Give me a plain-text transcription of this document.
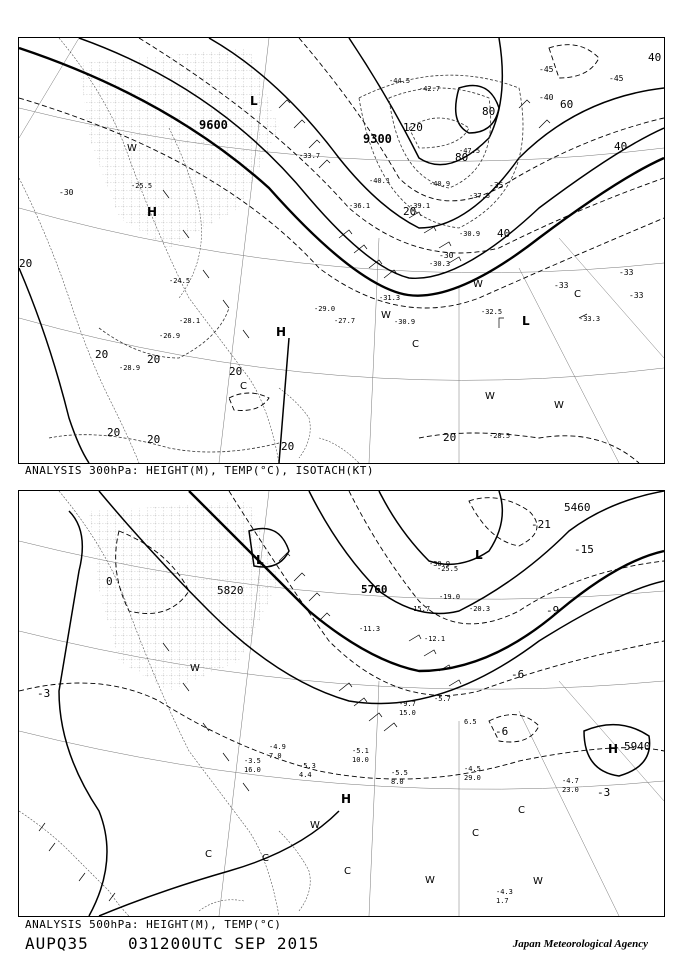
9600
9300
120
80
80
60
40
40
40
20
20
20	20
20
20
20	20
-45
-45
-40
-35
-30
-30
-33
-33
-33
L
H
H
L
C
C
C
W
W
W
W
W
-30.3
-30.9
-30.9
-32.5
-33.3
-31.3
-29.0
-27.7
-28.1
-24.5
-28.5
-28.9
-26.9
-25.5
-44.5
-42.7
-47.5
-40.1	-40.9
-36.1
-37.5
-39.1
-33.7
20
ANALYSIS 300hPa: HEIGHT(M), TEMP(°C), ISOTACH(KT)
5820	5760
5460
5940
0
-3
-3
-6
-6
-9
-21
-15
L	L
H
H
C	C
C
C
C
W
W	W
W
-4.5
29.0	-4.7
23.0
-4.3
1.7
-5.5
8.0
-5.1
10.0
-11.3
-12.1
-15.7
-19.0
-25.5
-20.3
-30.9
-5.7
6.5
-9.7
15.0
-3.5
16.0	-5.3
4.4
-4.9
7.0
ANALYSIS 500hPa: HEIGHT(M), TEMP(°C)
AUPQ35 031200UTC SEP 2015	Japan Meteorological Agency
